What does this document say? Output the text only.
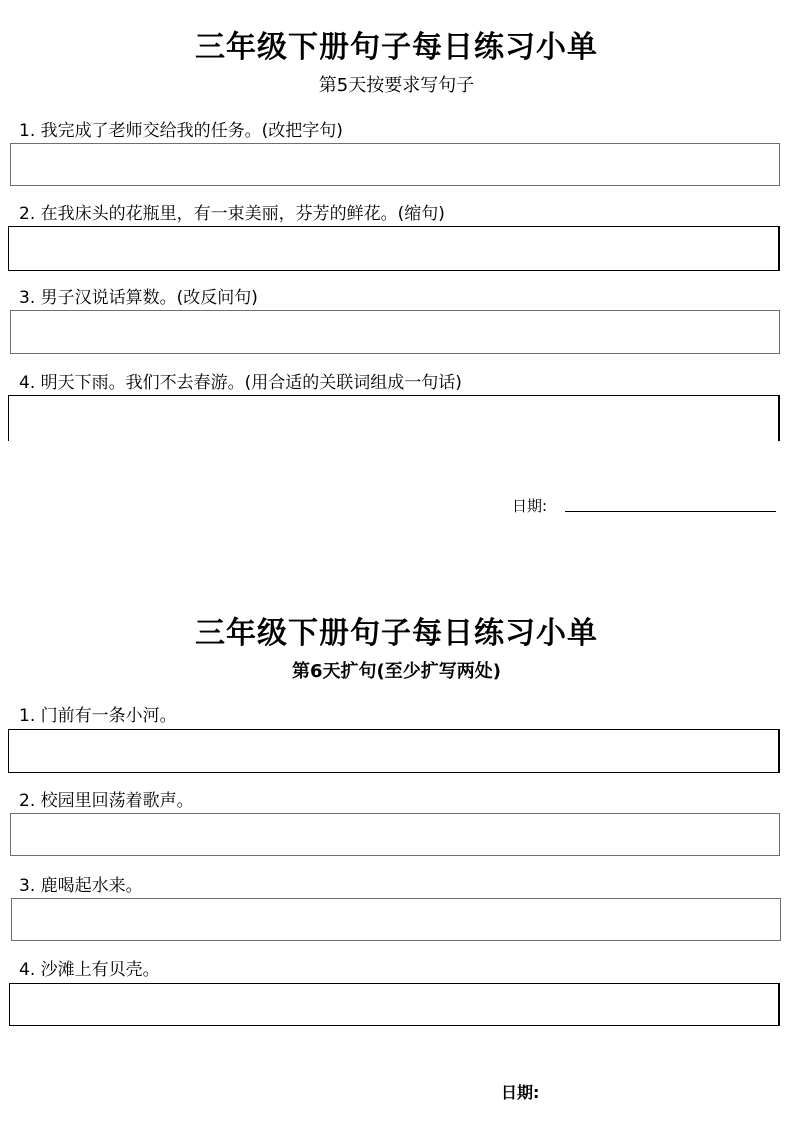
三年级下册句子每日练习小单
第5天按要求写句子
1. 我完成了老师交给我的任务。(改把字句)
2. 在我床头的花瓶里，有一束美丽，芬芳的鲜花。(缩句)
3. 男子汉说话算数。(改反问句)
4. 明天下雨。我们不去春游。(用合适的关联词组成一句话)
日期:
三年级下册句子每日练习小单
第6天扩句(至少扩写两处)
1. 门前有一条小河。
2. 校园里回荡着歌声。
3. 鹿喝起水来。
4. 沙滩上有贝壳。
日期:
